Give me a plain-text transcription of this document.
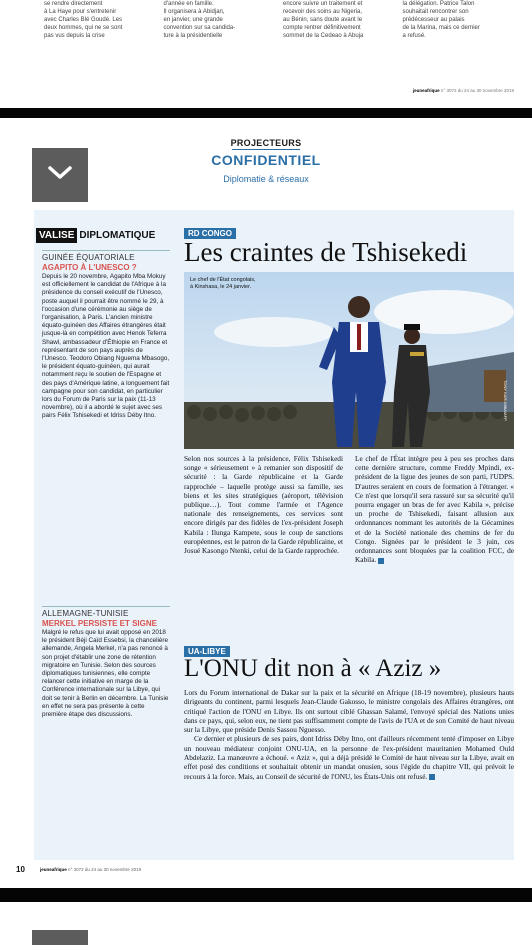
se rendre directement

à La Haye pour s'entretenir

avec Charles Blé Goudé. Les

deux hommes, qui ne se sont

pas vus depuis la crise

d'année en famille.

Il organisera à Abidjan,

en janvier, une grande

convention sur sa candida-

ture à la présidentielle

encore suivre un traitement et

recevoir des soins au Nigeria,

au Bénin, sans doute avant le

compte rentrer définitivement

sommet de la Cedeao à Abuja

la délégation. Patrice Talon

souhaitait rencontrer son

prédécesseur au palais

de la Marina, mais ce dernier

a refusé.

jeuneafrique n° 3072 du 24 au 30 novembre 2019
PROJECTEURS
CONFIDENTIEL
Diplomatie & réseaux
VALISE DIPLOMATIQUE
GUINÉE ÉQUATORIALE
AGAPITO À L'UNESCO ?
Depuis le 20 novembre, Agapito Mba Mokuy est officiellement le candidat de l'Afrique à la présidence du conseil exécutif de l'Unesco, poste auquel il pourrait être nommé le 29, à l'occasion d'une cérémonie au siège de l'organisation, à Paris. L'ancien ministre équato-guinéen des Affaires étrangères était jusque-là en compétition avec Henok Teferra Shawl, ambassadeur d'Éthiopie en France et représentant de son pays auprès de l'Unesco. Teodoro Obiang Nguema Mbasogo, le président équato-guinéen, qui aurait notamment reçu le soutien de l'Espagne et des pays d'Amérique latine, a longuement fait campagne pour son candidat, en particulier lors du Forum de Paris sur la paix (11-13 novembre), où il a abordé le sujet avec ses pairs Félix Tshisekedi et Idriss Déby Itno.
ALLEMAGNE-TUNISIE
MERKEL PERSISTE ET SIGNE
Malgré le refus que lui avait opposé en 2018 le président Béji Caïd Essebsi, la chancelière allemande, Angela Merkel, n'a pas renoncé à son projet d'établir une zone de rétention migratoire en Tunisie. Selon des sources diplomatiques tunisiennes, elle compte relancer cette initiative en marge de la Conférence internationale sur la Libye, qui doit se tenir à Berlin en décembre. La Tunisie en effet ne sera pas présente à cette première étape des discussions.
RD CONGO
Les craintes de Tshisekedi
Le chef de l'État congolais, à Kinshasa, le 24 janvier.
TONY KARUMBA/AFP
Selon nos sources à la présidence, Félix Tshisekedi songe « sérieusement » à remanier son dispositif de sécurité : la Garde républicaine et la Garde rapprochée – laquelle protège aussi sa famille, ses biens et les sites stratégiques (aéroport, télévision publique…). Tout comme l'armée et l'Agence nationale des renseignements, ces services sont encore dirigés par des fidèles de l'ex-président Joseph Kabila : Ilunga Kampete, sous le coup de sanctions européennes, est le patron de la Garde républicaine, et Josué Kasongo Ntenki, celui de la Garde rapprochée.
Le chef de l'État intègre peu à peu ses proches dans cette dernière structure, comme Freddy Mpindi, ex-président de la ligue des jeunes de son parti, l'UDPS. D'autres seraient en cours de formation à l'étranger. « Ce n'est que lorsqu'il sera rassuré sur sa sécurité qu'il pourra engager un bras de fer avec Kabila », précise un proche de Tshisekedi, faisant allusion aux ordonnances nommant les autorités de la Gécamines et de la Société nationale des chemins de fer du Congo. Signées par le président le 3 juin, ces ordonnances sont bloquées par la coalition FCC, de Kabila.
UA-LIBYE
L'ONU dit non à « Aziz »

Lors du Forum international de Dakar sur la paix et la sécurité en Afrique (18-19 novembre), plusieurs hauts dirigeants du continent, parmi lesquels Jean-Claude Gakosso, le ministre congolais des Affaires étrangères, ont critiqué l'action de l'ONU en Libye. Ils ont surtout ciblé Ghassan Salamé, l'envoyé spécial des Nations unies dans ce pays, qui, selon eux, ne tient pas suffisamment compte de l'avis de l'UA et de son Comité de haut niveau sur la Libye, que préside Denis Sassou Nguesso.

Ce dernier et plusieurs de ses pairs, dont Idriss Déby Itno, ont d'ailleurs récemment tenté d'imposer en Libye un nouveau médiateur conjoint ONU-UA, en la personne de l'ex-président mauritanien Mohamed Ould Abdelaziz. La manœuvre a échoué. « Aziz », qui a déjà présidé le Comité de haut niveau sur la Libye, avait en effet posé des conditions et souhaitait obtenir un mandat onusien, sous l'égide du chapitre VII, qui prévoit le recours à la force. Mais, au Conseil de sécurité de l'ONU, les États-Unis ont refusé.

10	jeuneafrique n° 3072 du 24 au 30 novembre 2019
